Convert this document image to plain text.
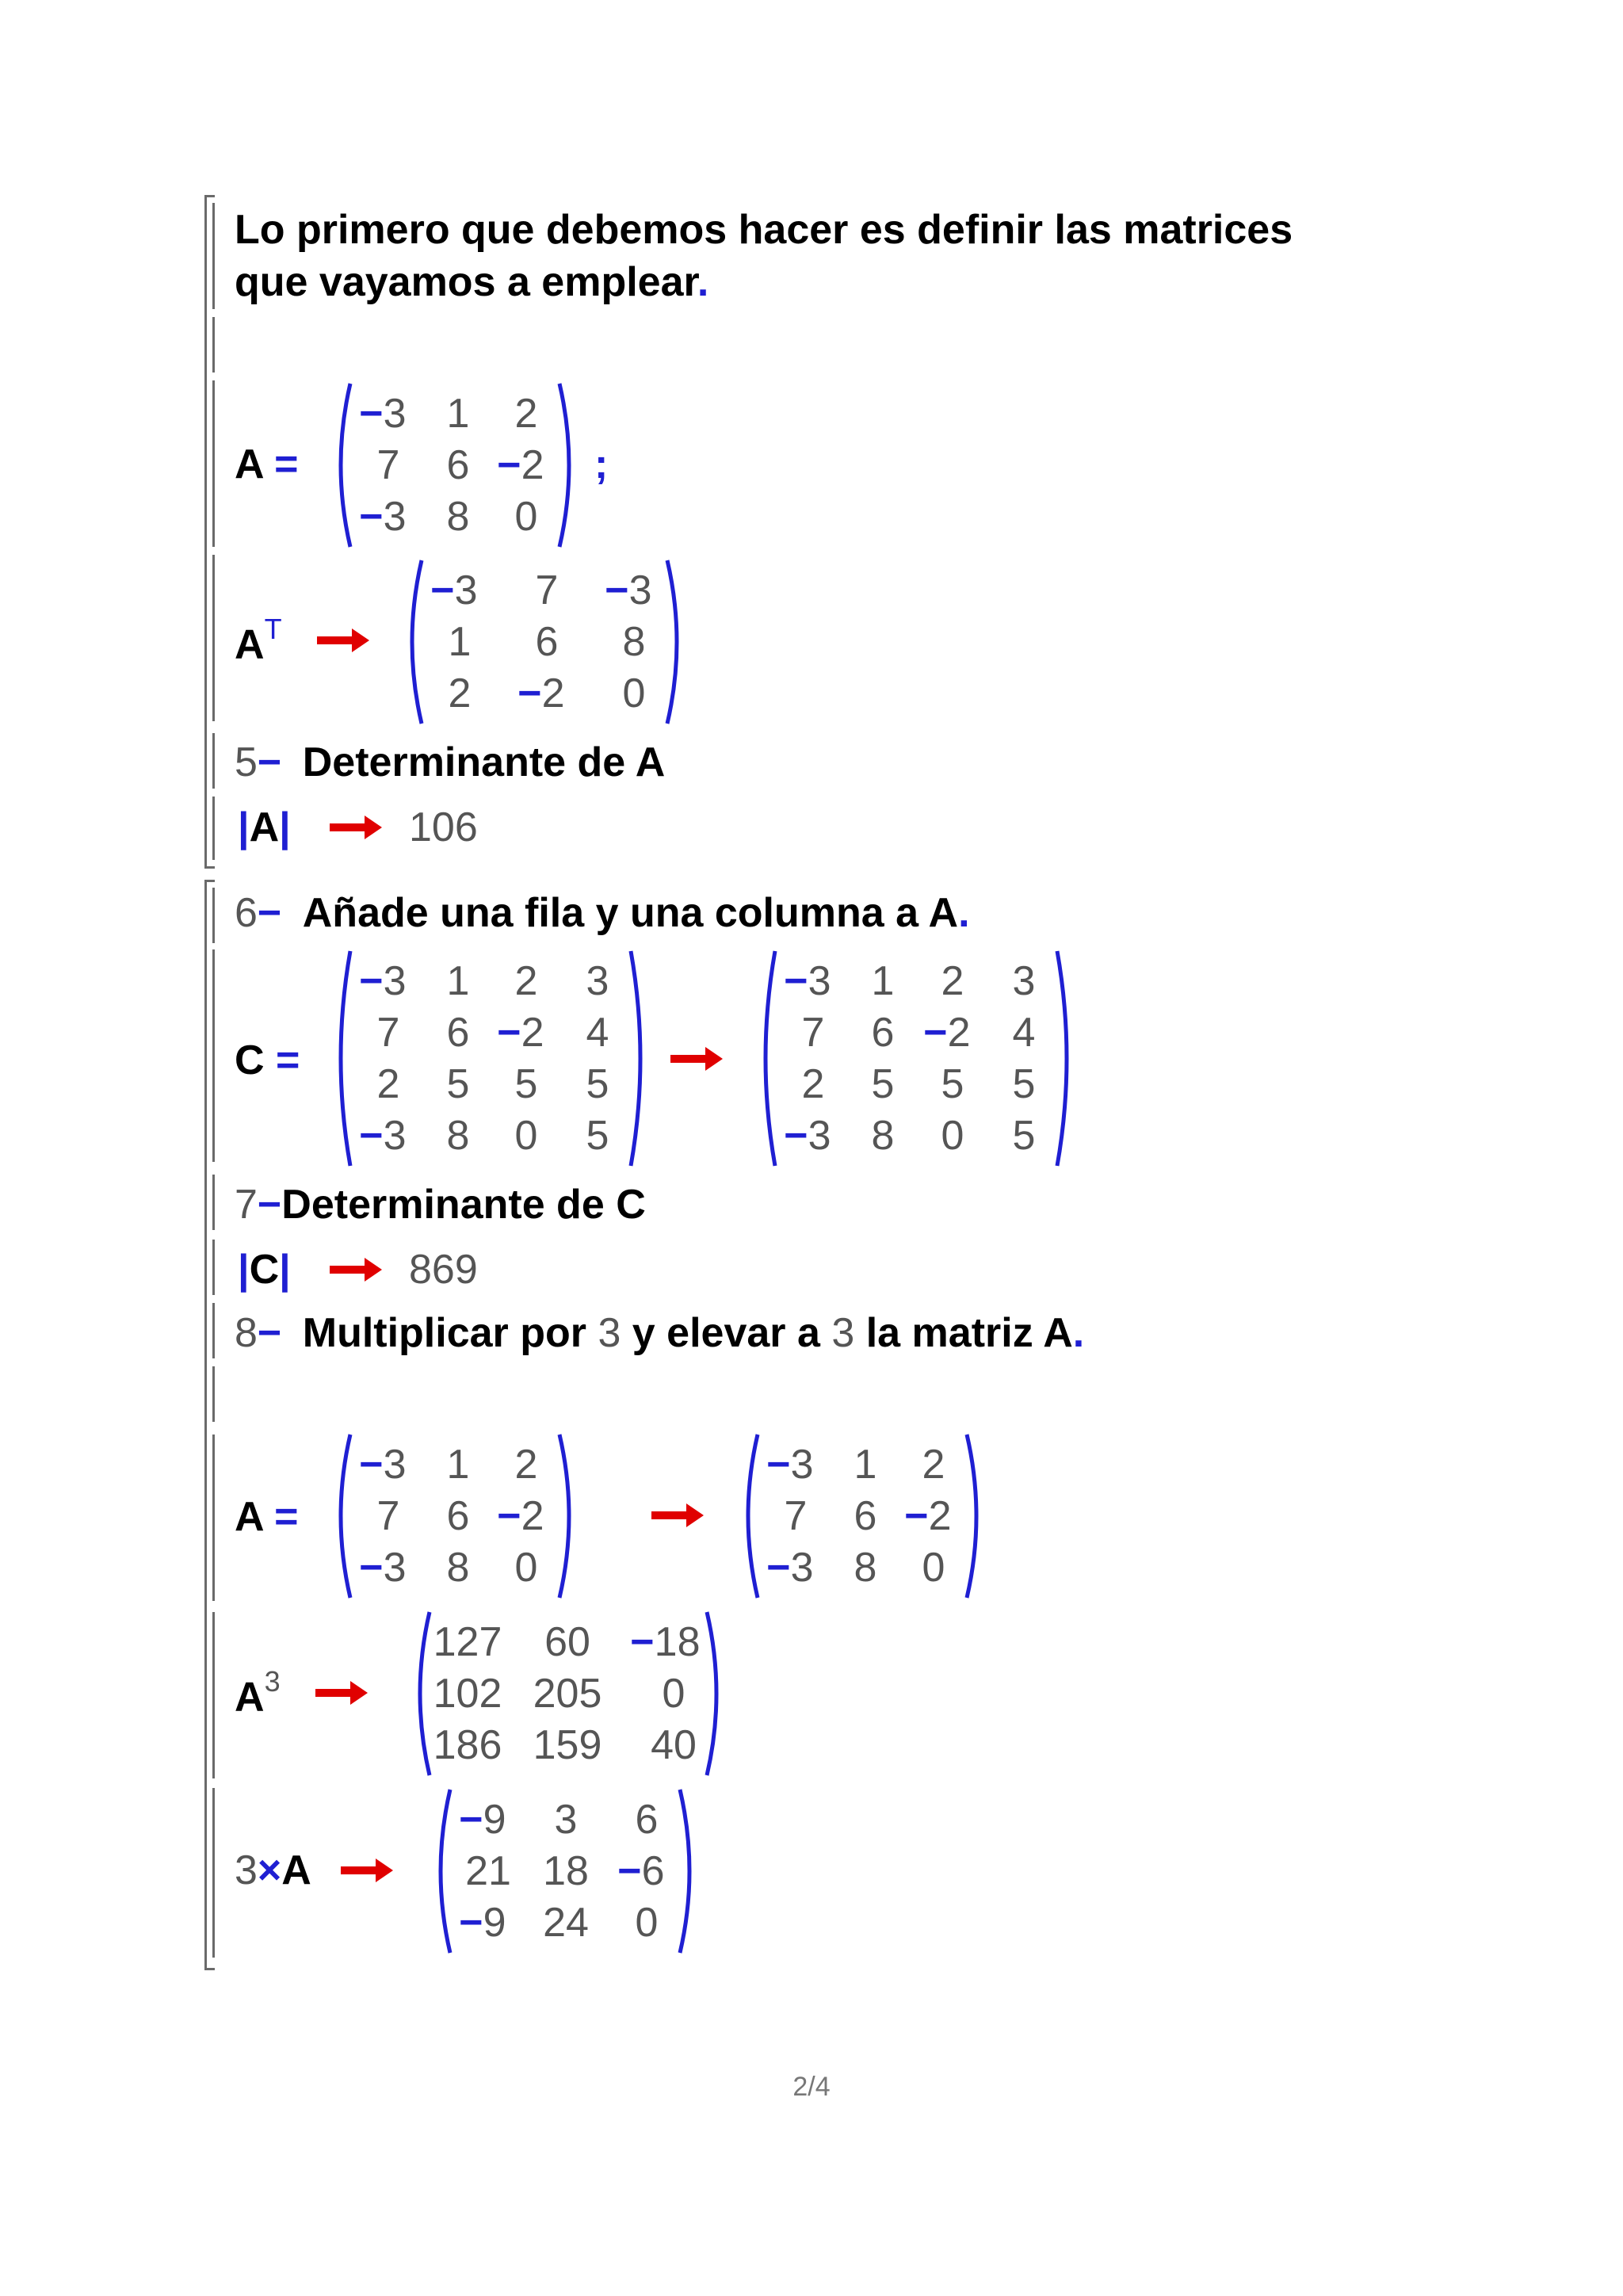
Lo primero que debemos hacer es definir las matrices
que vayamos a emplear.
A =
−3 1 2
7 6 −2
−3 8 0
;
$A^T$
−3 7 −3
1 6 8
2 −2 0
5− Determinante de A
|A|	106
6− Añade una fila y una columna a A.
C =
−3 1 2 3
7 6 −2 4
2 5 5 5
−3 8 0 5
−3 1 2 3
7 6 −2 4
2 5 5 5
−3 8 0 5
7−Determinante de C
|C|	869
8− Multiplicar por 3 y elevar a 3 la matriz A.
A =
−3 1 2
7 6 −2
−3 8 0
−3 1 2
7 6 −2
−3 8 0
$A^3$
127 60 −18
102 205 0
186 159 40
3×A
−9 3 6
21 18 −6
−9 24 0
2/4
